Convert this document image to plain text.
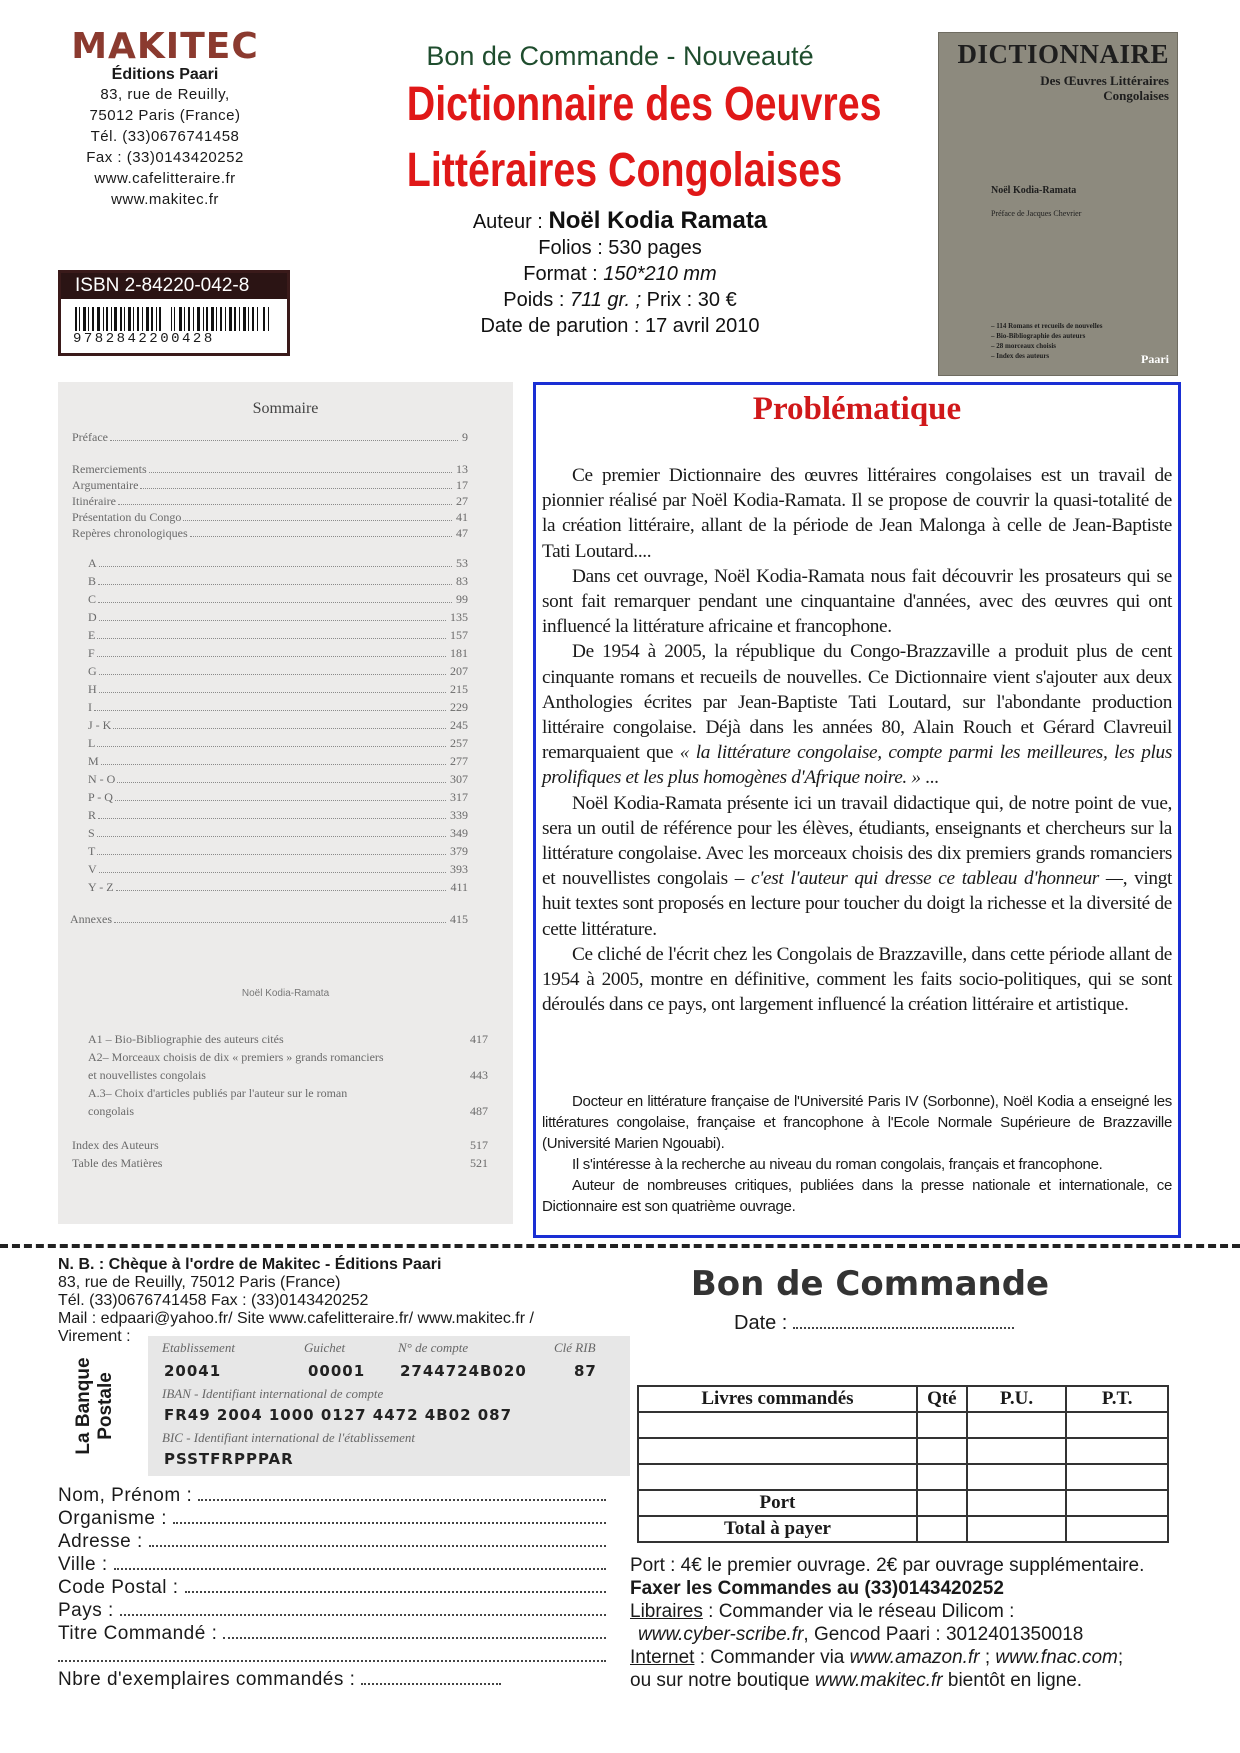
MAKITEC
Éditions Paari
83, rue de Reuilly,
75012 Paris (France)
Tél. (33)0676741458
Fax : (33)0143420252
www.cafelitteraire.fr
www.makitec.fr
ISBN 2-84220-042-8
9782842200428
Bon de Commande - Nouveauté
Dictionnaire des Oeuvres
Littéraires Congolaises
Auteur : Noël Kodia Ramata
Folios : 530 pages
Format : 150*210 mm
Poids : 711 gr. ; Prix : 30 €
Date de parution : 17 avril 2010
DICTIONNAIRE
Des Œuvres Littéraires
Congolaises
Noël Kodia-Ramata
Préface de Jacques Chevrier
– 114 Romans et recueils de nouvelles
– Bio-Bibliographie des auteurs
– 28 morceaux choisis
– Index des auteurs	Paari
Sommaire
Préface	9
Remerciements	13
Argumentaire	17
Itinéraire	27
Présentation du Congo	41
Repères chronologiques	47
A	53
B	83
C	99
D	135
E	157
F	181
G	207
H	215
I	229
J - K	245
L	257
M	277
N - O	307
P - Q	317
R	339
S	349
T	379
V	393
Y - Z	411
Annexes	415
Noël Kodia-Ramata
A1 – Bio-Bibliographie des auteurs cités	417
A2– Morceaux choisis de dix « premiers » grands romanciers
et nouvellistes congolais	443
A.3– Choix d'articles publiés par l'auteur sur le roman
congolais	487
Index des Auteurs	517
Table des Matières	521
Problématique

Ce premier Dictionnaire des œuvres littéraires congolaises est un travail de pionnier réalisé par Noël Kodia-Ramata. Il se propose de couvrir la quasi-totalité de la création littéraire, allant de la période de Jean Malonga à celle de Jean-Baptiste Tati Loutard....

Dans cet ouvrage, Noël Kodia-Ramata nous fait découvrir les prosateurs qui se sont fait remarquer pendant une cinquantaine d'années, avec des œuvres qui ont influencé la littérature africaine et francophone.

De 1954 à 2005, la république du Congo-Brazzaville a produit plus de cent cinquante romans et recueils de nouvelles. Ce Dictionnaire vient s'ajouter aux deux Anthologies écrites par Jean-Baptiste Tati Loutard, sur l'abondante production littéraire congolaise. Déjà dans les années 80, Alain Rouch et Gérard Clavreuil remarquaient que « la littérature congolaise, compte parmi les meilleures, les plus prolifiques et les plus homogènes d'Afrique noire. » ...

Noël Kodia-Ramata présente ici un travail didactique qui, de notre point de vue, sera un outil de référence pour les élèves, étudiants, enseignants et chercheurs sur la littérature congolaise. Avec les morceaux choisis des dix premiers grands romanciers et nouvellistes congolais – c'est l'auteur qui dresse ce tableau d'honneur —, vingt huit textes sont proposés en lecture pour toucher du doigt la richesse et la diversité de cette littérature.

Ce cliché de l'écrit chez les Congolais de Brazzaville, dans cette période allant de 1954 à 2005, montre en définitive, comment les faits socio-politiques, qui se sont déroulés dans ce pays, ont largement influencé la création littéraire et artistique.

Docteur en littérature française de l'Université Paris IV (Sorbonne), Noël Kodia a enseigné les littératures congolaise, française et francophone à l'Ecole Normale Supérieure de Brazzaville (Université Marien Ngouabi).

Il s'intéresse à la recherche au niveau du roman congolais, français et francophone.

Auteur de nombreuses critiques, publiées dans la presse nationale et internationale, ce Dictionnaire est son quatrième ouvrage.

N. B. : Chèque à l'ordre de Makitec - Éditions Paari
83, rue de Reuilly, 75012 Paris (France)
Tél. (33)0676741458 Fax : (33)0143420252
Mail : edpaari@yahoo.fr/ Site www.cafelitteraire.fr/ www.makitec.fr /
Virement :
La Banque Postale
Etablissement	Guichet	N° de compte	Clé RIB
20041	00001 2744724B020	87
IBAN - Identifiant international de compte
FR49 2004 1000 0127 4472 4B02 087
BIC - Identifiant international de l'établissement
PSSTFRPPPAR
Nom, Prénom :
Organisme :
Adresse :
Ville :
Code Postal :
Pays :
Titre Commandé :
Nbre d'exemplaires commandés :
Bon de Commande
Date :
Livres commandés	Qté	P.U.	P.T.

Port			
Total à payer			
Port : 4€ le premier ouvrage. 2€ par ouvrage supplémentaire. Faxer les Commandes au (33)0143420252
Libraires : Commander via le réseau Dilicom :
www.cyber-scribe.fr, Gencod Paari : 3012401350018
Internet : Commander via www.amazon.fr ; www.fnac.com;
ou sur notre boutique www.makitec.fr bientôt en ligne.
